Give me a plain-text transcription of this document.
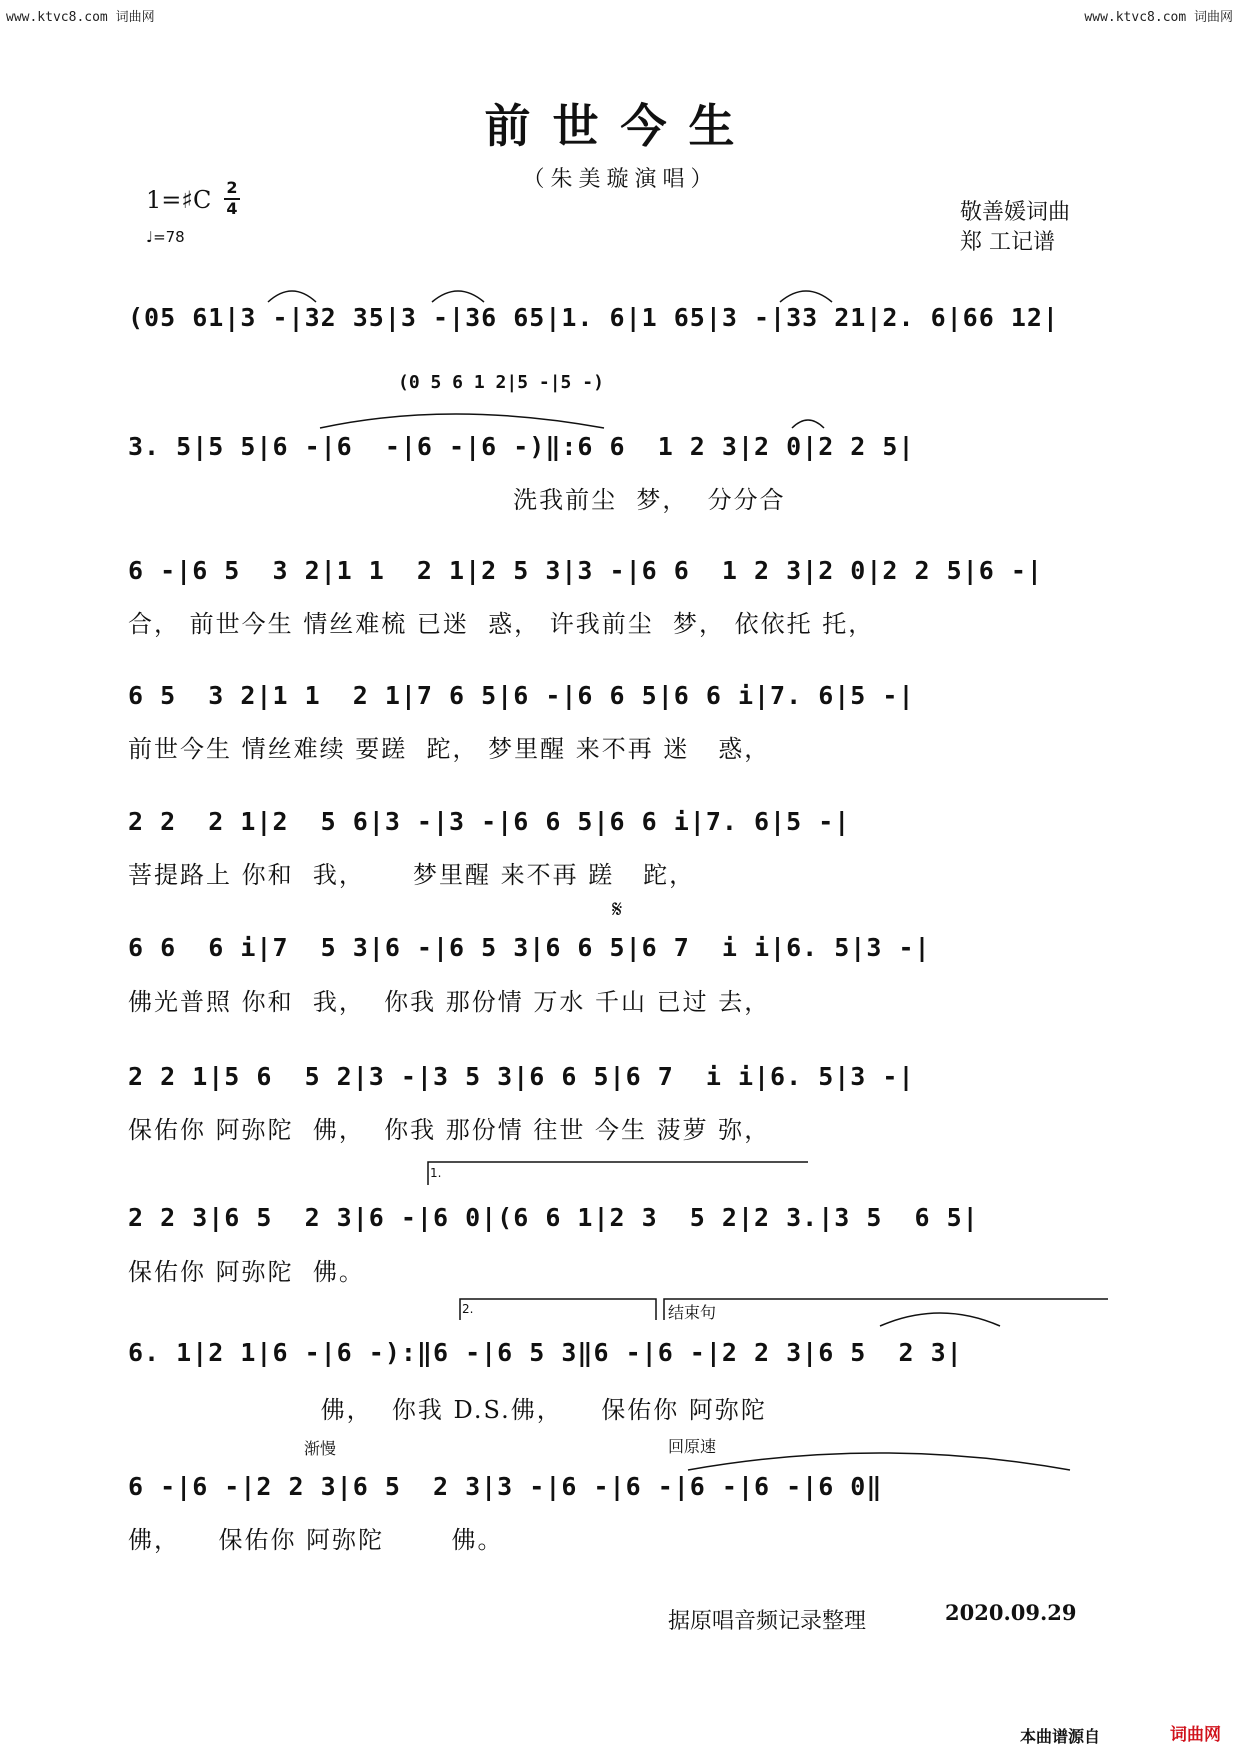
www.ktvc8.com 词曲网	www.ktvc8.com 词曲网
前世今生
（朱美璇演唱）
1=♯C 2
4
♩=78
敬善媛词曲
郑 工记谱
(0 5 6 1 2|5 -|5 -)
(05 61|3 -|32 35|3 -|36 65|1. 6|1 65|3 -|33 21|2. 6|66 12|
3. 5|5 5|6 -|6  -|6 -|6 -)‖:6 6  1 2 3|2 0|2 2 5|
洗我前尘  梦，  分分合
6 -|6 5  3 2|1 1  2 1|2 5 3|3 -|6 6  1 2 3|2 0|2 2 5|6 -|
合， 前世今生 情丝难梳 已迷  惑， 许我前尘  梦， 依依托 托，
6 5  3 2|1 1  2 1|7 6 5|6 -|6 6 5|6 6 i|7. 6|5 -|
前世今生 情丝难续 要蹉  跎， 梦里醒 来不再 迷   惑，
2 2  2 1|2  5 6|3 -|3 -|6 6 5|6 6 i|7. 6|5 -|
菩提路上 你和  我，     梦里醒 来不再 蹉   跎，
𝄋
6 6  6 i|7  5 3|6 -|6 5 3|6 6 5|6 7  i i|6. 5|3 -|
佛光普照 你和  我，  你我 那份情 万水 千山 已过 去，
2 2 1|5 6  5 2|3 -|3 5 3|6 6 5|6 7  i i|6. 5|3 -|
保佑你 阿弥陀  佛，  你我 那份情 往世 今生 菠萝 弥，
1.
2 2 3|6 5  2 3|6 -|6 0|(6 6 1|2 3  5 2|2 3.|3 5  6 5|
保佑你 阿弥陀  佛。
2.	结束句
6. 1|2 1|6 -|6 -):‖6 -|6 5 3‖6 -|6 -|2 2 3|6 5  2 3|
佛，  你我 D.S.佛，    保佑你 阿弥陀
渐慢	回原速
6 -|6 -|2 2 3|6 5  2 3|3 -|6 -|6 -|6 -|6 -|6 0‖
佛，    保佑你 阿弥陀       佛。
据原唱音频记录整理	2020.09.29
本曲谱源自	词曲网
